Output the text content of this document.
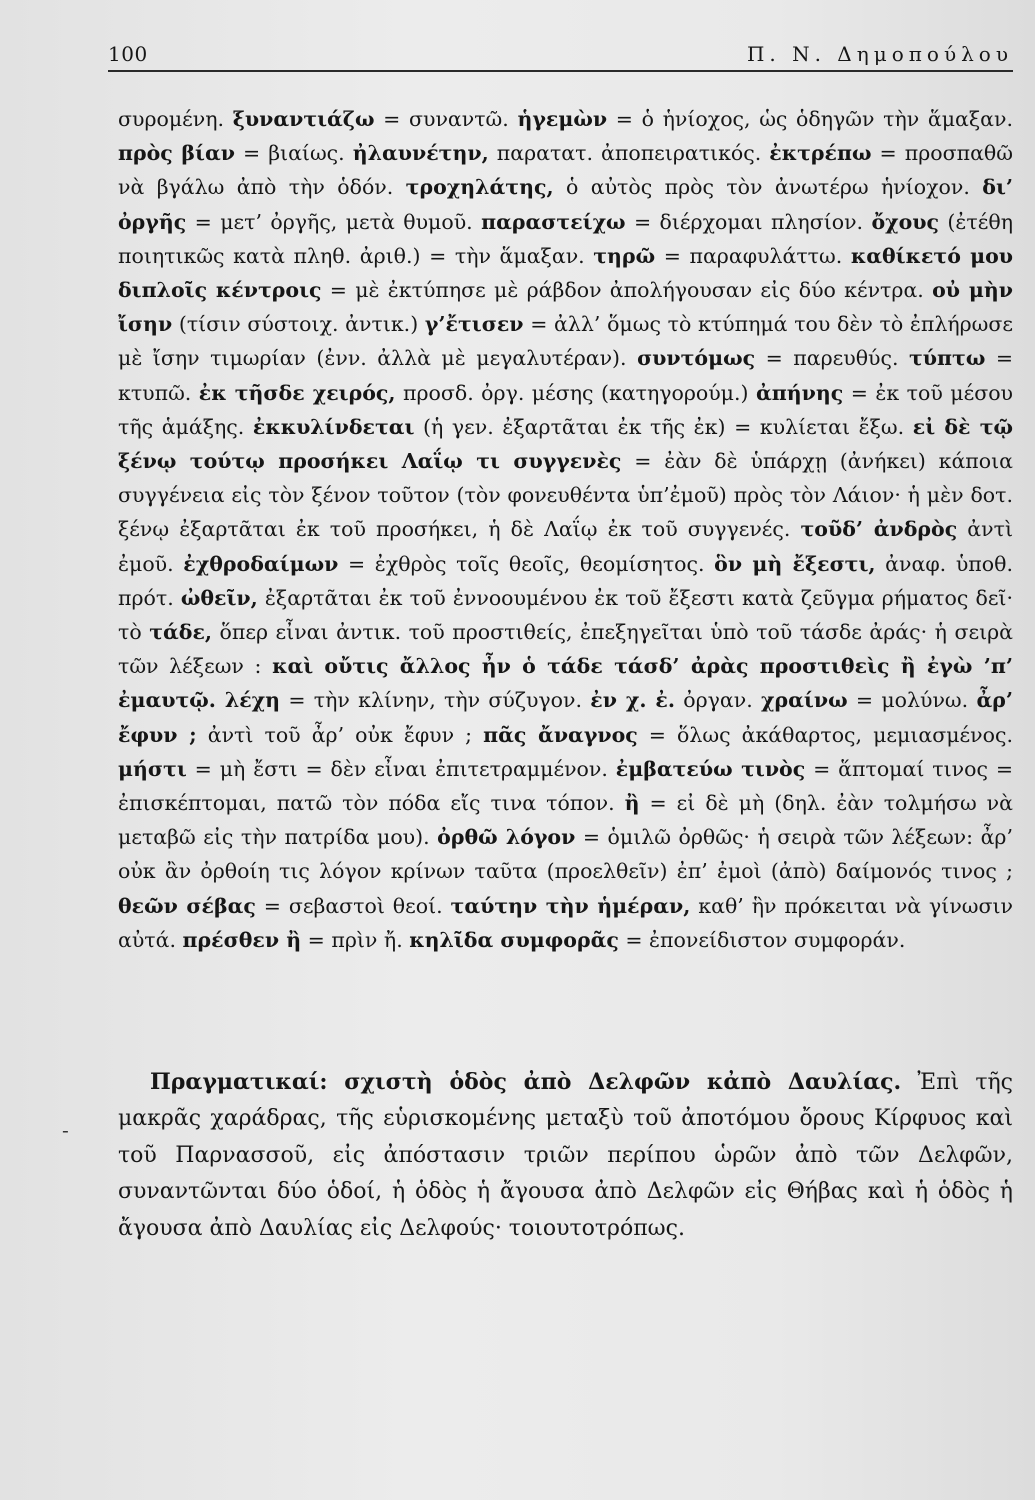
100	Π. Ν. Δημοπούλου

συρομένη. ξυναντιάζω = συναντῶ. ἡγεμὼν = ὁ ἡνίοχος, ὡς ὁδηγῶν τὴν ἅμαξαν. πρὸς βίαν = βιαίως. ἠλαυνέτην, παρατατ. ἀποπειρατικός. ἐκτρέπω = προσπαθῶ νὰ βγάλω ἀπὸ τὴν ὁδόν. τροχηλάτης, ὁ αὐτὸς πρὸς τὸν ἀνωτέρω ἡνίοχον. δι’ ὀργῆς = μετ’ ὀργῆς, μετὰ θυμοῦ. παραστείχω = διέρχομαι πλησίον. ὄχους (ἐτέθη ποιητικῶς κατὰ πληθ. ἀριθ.) = τὴν ἅμαξαν. τηρῶ = παραφυλάττω. καθίκετό μου διπλοῖς κέντροις = μὲ ἐκτύπησε μὲ ράβδον ἀπολήγουσαν εἰς δύο κέντρα. οὐ μὴν ἴσην (τίσιν σύστοιχ. ἀντικ.) γ’ἔτισεν = ἀλλ’ ὅμως τὸ κτύπημά του δὲν τὸ ἐπλήρωσε μὲ ἴσην τιμωρίαν (ἐνν. ἀλλὰ μὲ μεγαλυτέραν). συντόμως = παρευθύς. τύπτω = κτυπῶ. ἐκ τῆσδε χειρός, προσδ. ὀργ. μέσης (κατηγορούμ.) ἀπήνης = ἐκ τοῦ μέσου τῆς ἁμάξης. ἐκκυλίνδεται (ἡ γεν. ἐξαρτᾶται ἐκ τῆς ἐκ) = κυλίεται ἔξω. εἰ δὲ τῷ ξένῳ τούτῳ προσήκει Λαΐῳ τι συγγενὲς = ἐὰν δὲ ὑπάρχῃ (ἀνήκει) κάποια συγγένεια εἰς τὸν ξένον τοῦτον (τὸν φονευθέντα ὑπ’ἐμοῦ) πρὸς τὸν Λάιον· ἡ μὲν δοτ. ξένῳ ἐξαρτᾶται ἐκ τοῦ προσήκει, ἡ δὲ Λαΐῳ ἐκ τοῦ συγγενές. τοῦδ’ ἀνδρὸς ἀντὶ ἐμοῦ. ἐχθροδαίμων = ἐχθρὸς τοῖς θεοῖς, θεομίσητος. ὃν μὴ ἔξεστι, ἀναφ. ὑποθ. πρότ. ὠθεῖν, ἐξαρτᾶται ἐκ τοῦ ἐννοουμένου ἐκ τοῦ ἔξεστι κατὰ ζεῦγμα ρήματος δεῖ· τὸ τάδε, ὅπερ εἶναι ἀντικ. τοῦ προστιθείς, ἐπεξηγεῖται ὑπὸ τοῦ τάσδε ἀράς· ἡ σειρὰ τῶν λέξεων : καὶ οὔτις ἄλλος ἦν ὁ τάδε τάσδ’ ἀρὰς προστιθεὶς ἢ ἐγὼ ’π’ ἐμαυτῷ. λέχη = τὴν κλίνην, τὴν σύζυγον. ἐν χ. ἐ. ὀργαν. χραίνω = μολύνω. ἆρ’ ἔφυν ; ἀντὶ τοῦ ἆρ’ οὐκ ἔφυν ; πᾶς ἄναγνος = ὅλως ἀκάθαρτος, μεμιασμένος. μήστι = μὴ ἔστι = δὲν εἶναι ἐπιτετραμμένον. ἐμβατεύω τινὸς = ἅπτομαί τινος = ἐπισκέπτομαι, πατῶ τὸν πόδα εἴς τινα τόπον. ἢ = εἰ δὲ μὴ (δηλ. ἐὰν τολμήσω νὰ μεταβῶ εἰς τὴν πατρίδα μου). ὀρθῶ λόγον = ὁμιλῶ ὀρθῶς· ἡ σειρὰ τῶν λέξεων: ἆρ’ οὐκ ἂν ὀρθοίη τις λόγον κρίνων ταῦτα (προελθεῖν) ἐπ’ ἐμοὶ (ἀπὸ) δαίμονός τινος ; θεῶν σέβας = σεβαστοὶ θεοί. ταύτην τὴν ἡμέραν, καθ’ ἣν πρόκειται νὰ γίνωσιν αὐτά. πρέσθεν ἢ = πρὶν ἤ. κηλῖδα συμφορᾶς = ἐπονείδιστον συμφοράν.

-

Πραγματικαί: σχιστὴ ὁδὸς ἀπὸ Δελφῶν κἀπὸ Δαυλίας. Ἐπὶ τῆς μακρᾶς χαράδρας, τῆς εὑρισκομένης μεταξὺ τοῦ ἀποτόμου ὄρους Κίρφυος καὶ τοῦ Παρνασσοῦ, εἰς ἀπόστασιν τριῶν περίπου ὡρῶν ἀπὸ τῶν Δελφῶν, συναντῶνται δύο ὁδοί, ἡ ὁδὸς ἡ ἄγουσα ἀπὸ Δελφῶν εἰς Θήβας καὶ ἡ ὁδὸς ἡ ἄγουσα ἀπὸ Δαυλίας εἰς Δελφούς· τοιουτοτρόπως.
